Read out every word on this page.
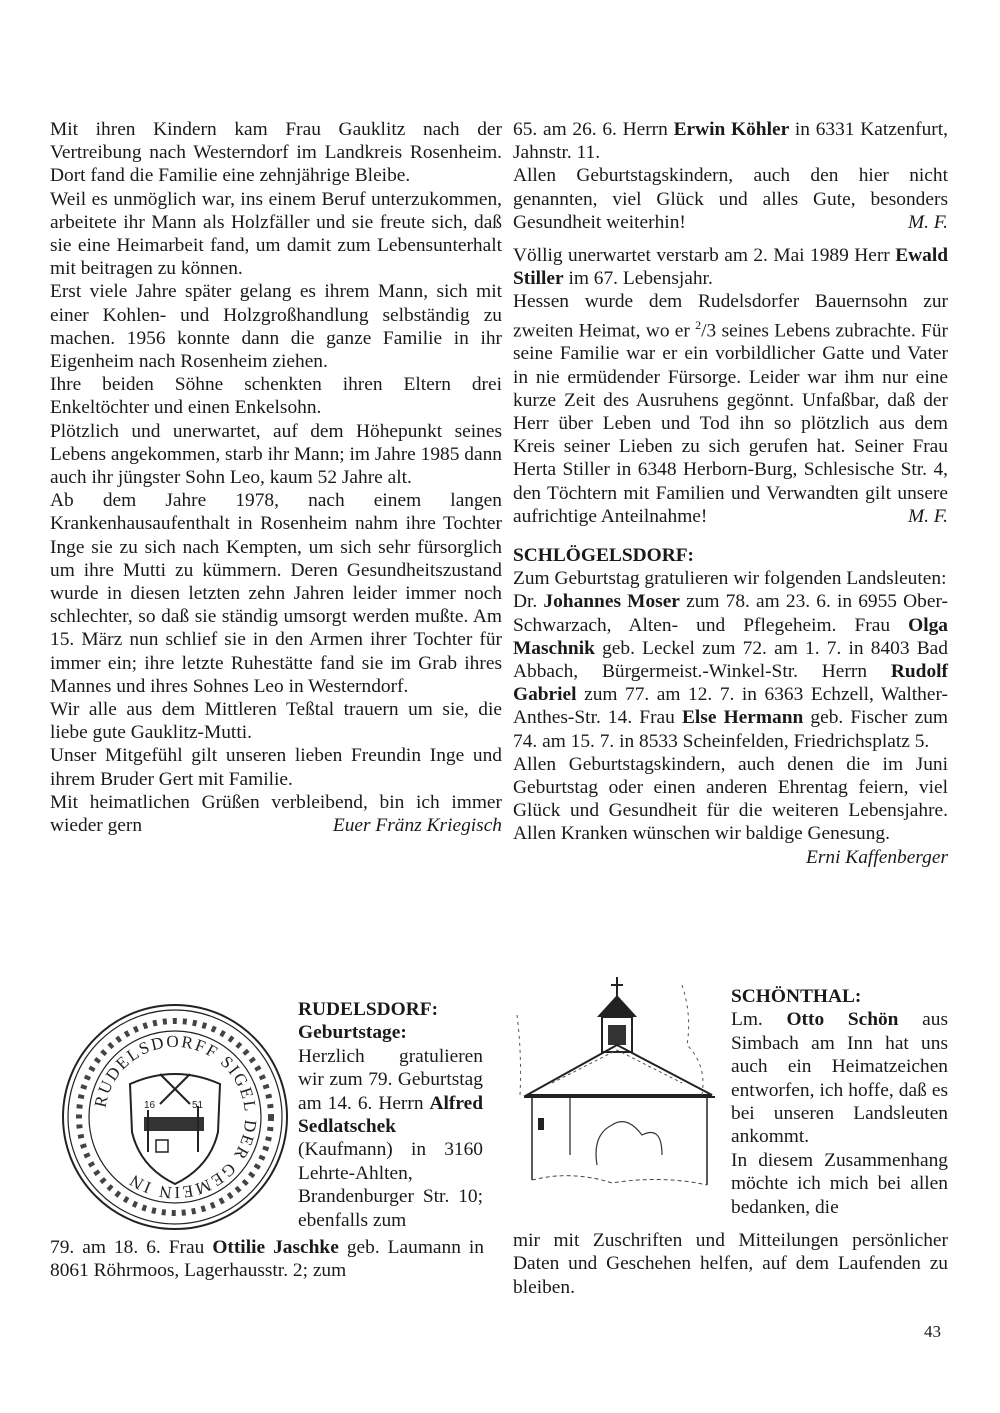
Mit ihren Kindern kam Frau Gauklitz nach der Vertreibung nach Westerndorf im Landkreis Rosenheim. Dort fand die Familie eine zehnjährige Bleibe.

Weil es unmöglich war, ins einem Beruf unterzukommen, arbeitete ihr Mann als Holzfäller und sie freute sich, daß sie eine Heimarbeit fand, um damit zum Lebensunterhalt mit beitragen zu können.

Erst viele Jahre später gelang es ihrem Mann, sich mit einer Kohlen- und Holzgroßhandlung selbständig zu machen. 1956 konnte dann die ganze Familie in ihr Eigenheim nach Rosenheim ziehen.

Ihre beiden Söhne schenkten ihren Eltern drei Enkeltöchter und einen Enkelsohn.

Plötzlich und unerwartet, auf dem Höhepunkt seines Lebens angekommen, starb ihr Mann; im Jahre 1985 dann auch ihr jüngster Sohn Leo, kaum 52 Jahre alt.

Ab dem Jahre 1978, nach einem langen Krankenhausaufenthalt in Rosenheim nahm ihre Tochter Inge sie zu sich nach Kempten, um sich sehr fürsorglich um ihre Mutti zu kümmern. Deren Gesundheitszustand wurde in diesen letzten zehn Jahren leider immer noch schlechter, so daß sie ständig umsorgt werden mußte. Am 15. März nun schlief sie in den Armen ihrer Tochter für immer ein; ihre letzte Ruhestätte fand sie im Grab ihres Mannes und ihres Sohnes Leo in Westerndorf.

Wir alle aus dem Mittleren Teßtal trauern um sie, die liebe gute Gauklitz-Mutti.

Unser Mitgefühl gilt unseren lieben Freundin Inge und ihrem Bruder Gert mit Familie.

Mit heimatlichen Grüßen verbleibend, bin ich immer wieder gern	Euer Fränz Kriegisch

RUDELSDORFF SIGEL DER GEMEIN IN
16	51

RUDELSDORF:

Geburtstage:

Herzlich gratulieren wir zum 79. Geburtstag am 14. 6. Herrn Alfred Sedlatschek (Kaufmann) in 3160 Lehrte-Ahlten, Brandenburger Str. 10; ebenfalls zum

79. am 18. 6. Frau Ottilie Jaschke geb. Laumann in 8061 Röhrmoos, Lagerhausstr. 2; zum

65. am 26. 6. Herrn Erwin Köhler in 6331 Katzenfurt, Jahnstr. 11.

Allen Geburtstagskindern, auch den hier nicht genannten, viel Glück und alles Gute, besonders Gesundheit weiterhin!	M. F.

Völlig unerwartet verstarb am 2. Mai 1989 Herr Ewald Stiller im 67. Lebensjahr.

Hessen wurde dem Rudelsdorfer Bauernsohn zur zweiten Heimat, wo er $^2$/3 seines Lebens zubrachte. Für seine Familie war er ein vorbildlicher Gatte und Vater in nie ermüdender Fürsorge. Leider war ihm nur eine kurze Zeit des Ausruhens gegönnt. Unfaßbar, daß der Herr über Leben und Tod ihn so plötzlich aus dem Kreis seiner Lieben zu sich gerufen hat. Seiner Frau Herta Stiller in 6348 Herborn-Burg, Schlesische Str. 4, den Töchtern mit Familien und Verwandten gilt unsere aufrichtige Anteilnahme!	M. F.

SCHLÖGELSDORF:

Zum Geburtstag gratulieren wir folgenden Landsleuten:

Dr. Johannes Moser zum 78. am 23. 6. in 6955 Ober-Schwarzach, Alten- und Pflegeheim. Frau Olga Maschnik geb. Leckel zum 72. am 1. 7. in 8403 Bad Abbach, Bürgermeist.-Winkel-Str. Herrn Rudolf Gabriel zum 77. am 12. 7. in 6363 Echzell, Walther-Anthes-Str. 14. Frau Else Hermann geb. Fischer zum 74. am 15. 7. in 8533 Scheinfelden, Friedrichsplatz 5.

Allen Geburtstagskindern, auch denen die im Juni Geburtstag oder einen anderen Ehrentag feiern, viel Glück und Gesundheit für die weiteren Lebensjahre. Allen Kranken wünschen wir baldige Genesung.
Erni Kaffenberger

SCHÖNTHAL:

Lm. Otto Schön aus Simbach am Inn hat uns auch ein Heimatzeichen entworfen, ich hoffe, daß es bei unseren Landsleuten ankommt.

In diesem Zusammenhang möchte ich mich bei allen bedanken, die

mir mit Zuschriften und Mitteilungen persönlicher Daten und Geschehen helfen, auf dem Laufenden zu bleiben.

43
